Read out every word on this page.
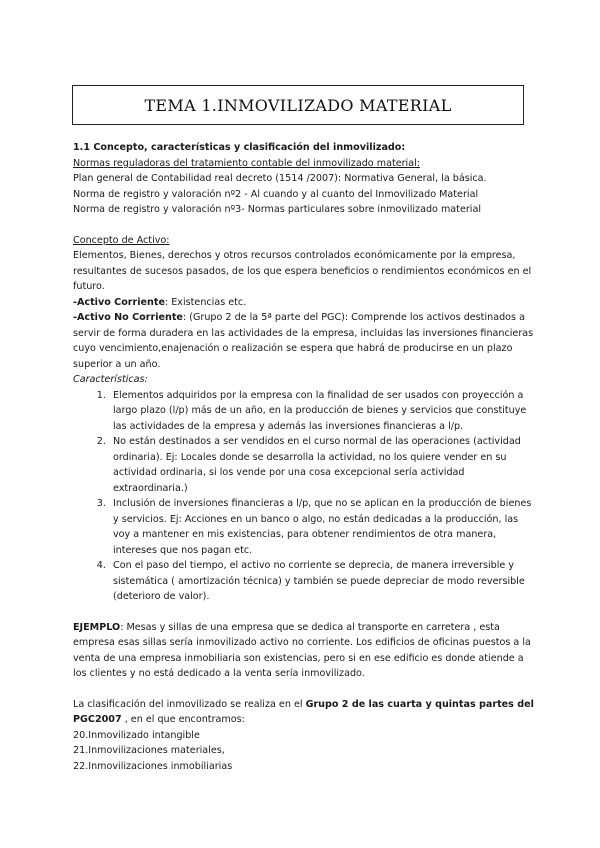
TEMA 1.INMOVILIZADO MATERIAL

1.1 Concepto, características y clasificación del inmovilizado:

Normas reguladoras del tratamiento contable del inmovilizado material:

Plan general de Contabilidad real decreto (1514 /2007): Normativa General, la básica.

Norma de registro y valoración nº2 - Al cuando y al cuanto del Inmovilizado Material

Norma de registro y valoración nº3- Normas particulares sobre inmovilizado material

Concepto de Activo:

Elementos, Bienes, derechos y otros recursos controlados económicamente por la empresa, resultantes de sucesos pasados, de los que espera beneficios o rendimientos económicos en el futuro.

-Activo Corriente: Existencias etc.

-Activo No Corriente: (Grupo 2 de la 5ª parte del PGC): Comprende los activos destinados a servir de forma duradera en las actividades de la empresa, incluidas las inversiones financieras cuyo vencimiento,enajenación o realización se espera que habrá de producirse en un plazo superior a un año.

Características:

1. Elementos adquiridos por la empresa con la finalidad de ser usados con proyección a largo plazo (l/p) más de un año, en la producción de bienes y servicios que constituye las actividades de la empresa y además las inversiones financieras a l/p.
2. No están destinados a ser vendidos en el curso normal de las operaciones (actividad ordinaria). Ej: Locales donde se desarrolla la actividad, no los quiere vender en su actividad ordinaria, si los vende por una cosa excepcional sería actividad extraordinaria.)
3. Inclusión de inversiones financieras a l/p, que no se aplican en la producción de bienes y servicios. Ej: Acciones en un banco o algo, no están dedicadas a la producción, las voy a mantener en mis existencias, para obtener rendimientos de otra manera, intereses que nos pagan etc.
4. Con el paso del tiempo, el activo no corriente se deprecia, de manera irreversible y sistemática ( amortización técnica) y también se puede depreciar de modo reversible (deterioro de valor).

EJEMPLO: Mesas y sillas de una empresa que se dedica al transporte en carretera , esta empresa esas sillas sería inmovilizado activo no corriente. Los edificios de oficinas puestos a la venta de una empresa inmobiliaria son existencias, pero si en ese edificio es donde atiende a los clientes y no está dedicado a la venta sería inmovilizado.

La clasificación del inmovilizado se realiza en el Grupo 2 de las cuarta y quintas partes del PGC2007 , en el que encontramos:

20.Inmovilizado intangible

21.Inmovilizaciones materiales,

22.Inmovilizaciones inmobiliarias
